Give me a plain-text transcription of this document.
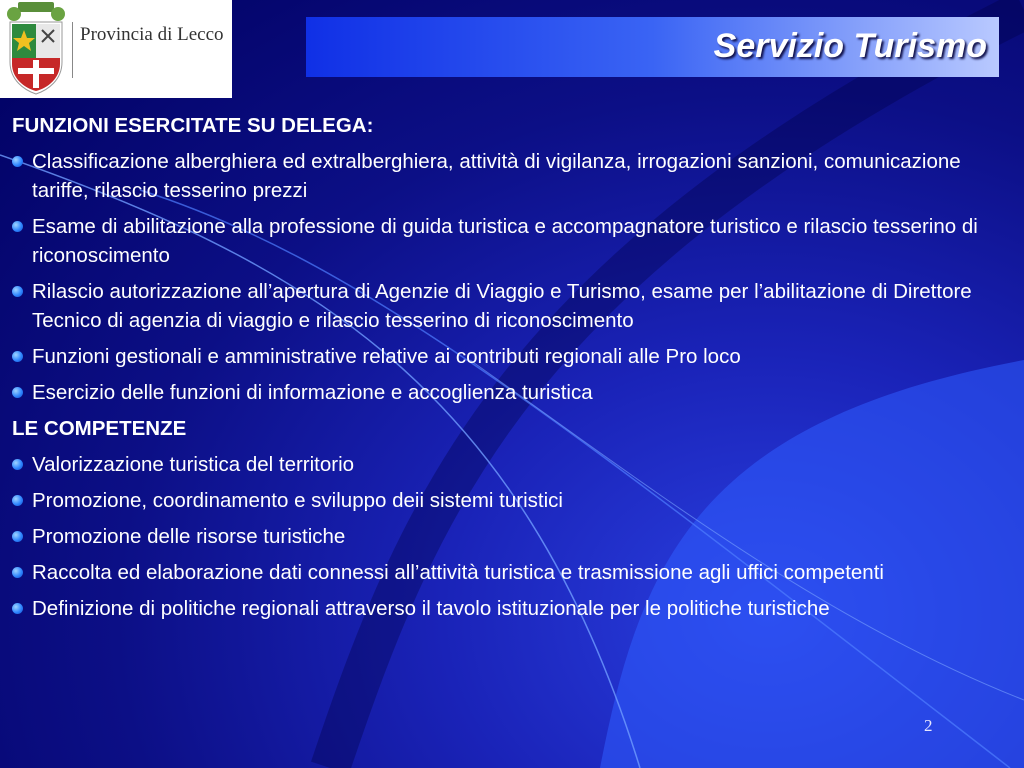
Provincia di Lecco	Servizio Turismo
FUNZIONI ESERCITATE SU DELEGA:
Classificazione alberghiera ed extralberghiera, attività di vigilanza, irrogazioni sanzioni, comunicazione tariffe, rilascio tesserino prezzi
Esame di abilitazione alla professione di guida turistica e accompagnatore turistico e rilascio tesserino di riconoscimento
Rilascio autorizzazione all’apertura di Agenzie di Viaggio e Turismo, esame per l’abilitazione di Direttore Tecnico di agenzia di viaggio e rilascio tesserino di riconoscimento
Funzioni gestionali e amministrative relative ai contributi regionali alle Pro loco
Esercizio delle funzioni di informazione e accoglienza turistica
LE COMPETENZE
Valorizzazione turistica del territorio
Promozione, coordinamento e sviluppo deii sistemi turistici
Promozione delle risorse turistiche
Raccolta ed elaborazione dati connessi all’attività turistica e trasmissione agli uffici competenti
Definizione di politiche regionali attraverso il tavolo istituzionale per le politiche turistiche
2
